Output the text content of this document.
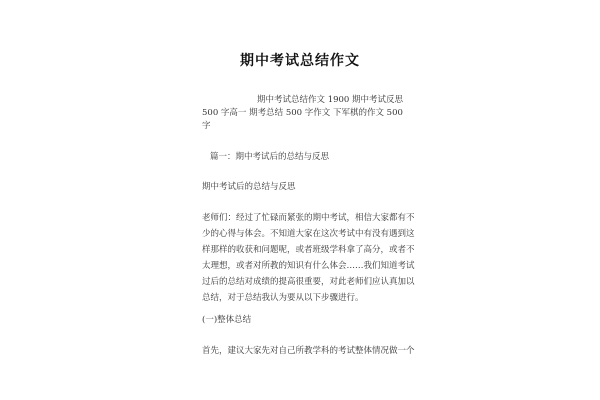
期中考试总结作文
期中考试总结作文 1900 期中考试反思
500 字高一 期考总结 500 字作文 下军棋的作文 500
字
篇一：期中考试后的总结与反思
期中考试后的总结与反思
老师们：经过了忙碌而紧张的期中考试，相信大家都有不
少的心得与体会。不知道大家在这次考试中有没有遇到这
样那样的收获和问题呢，或者班级学科拿了高分，或者不
太理想，或者对所教的知识有什么体会……我们知道考试
过后的总结对成绩的提高很重要，对此老师们应认真加以
总结，对于总结我认为要从以下步骤进行。
(一)整体总结
首先，建议大家先对自己所教学科的考试整体情况做一个
